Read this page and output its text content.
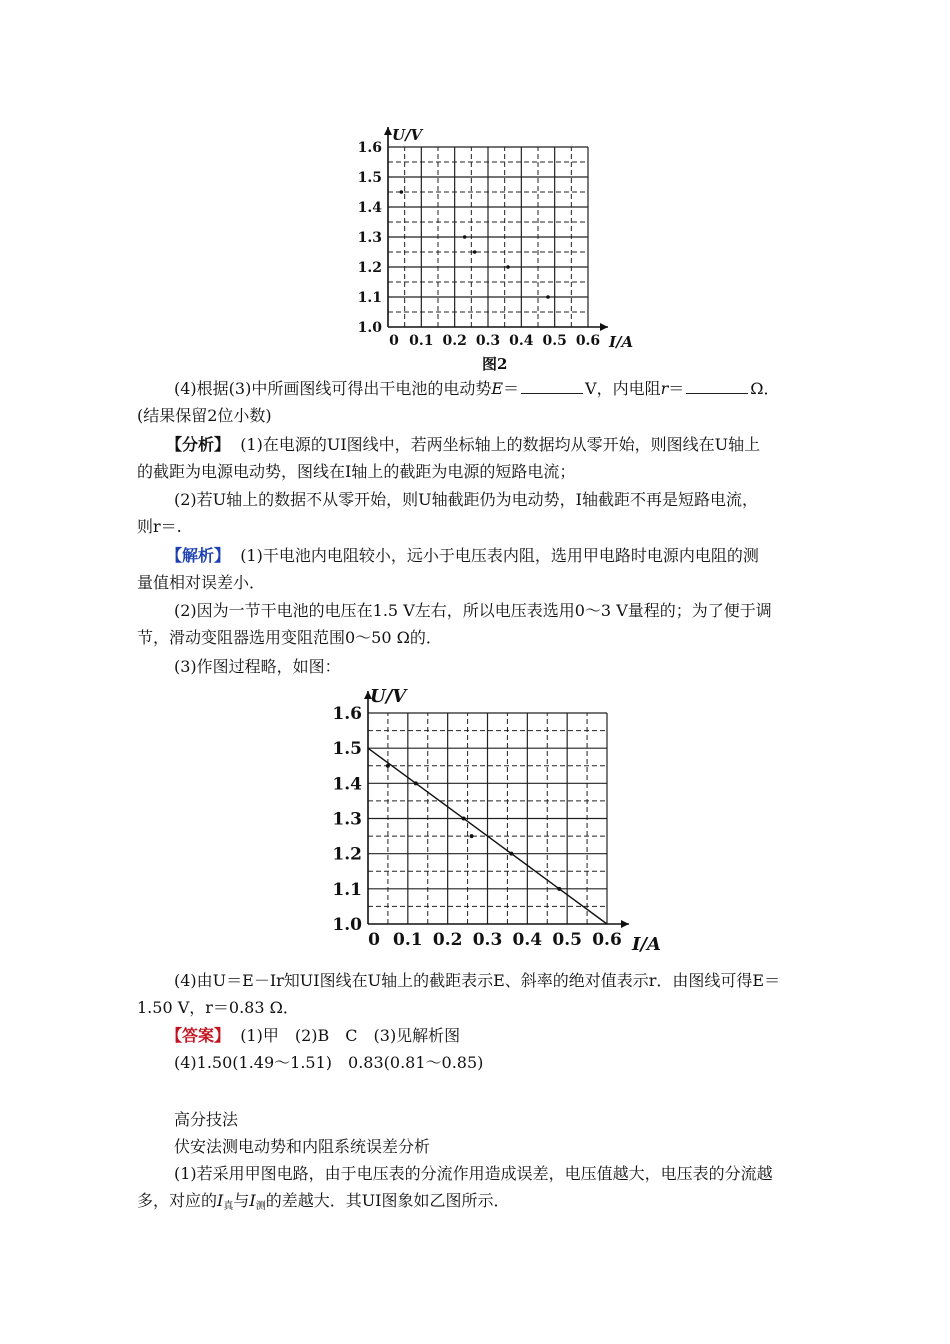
1.0
1.1
1.2
1.3
1.4
1.5
1.6
0 0.1 0.2 0.3 0.4 0.5 0.6
U/V
I/A
图2
(4)根据(3)中所画图线可得出干电池的电动势E＝	V，内电阻r＝	Ω．
(结果保留2位小数)
【分析】 (1)在电源的UI图线中，若两坐标轴上的数据均从零开始，则图线在U轴上
的截距为电源电动势，图线在I轴上的截距为电源的短路电流；
(2)若U轴上的数据不从零开始，则U轴截距仍为电动势，I轴截距不再是短路电流，
则r＝.
【解析】 (1)干电池内电阻较小，远小于电压表内阻，选用甲电路时电源内电阻的测
量值相对误差小．
(2)因为一节干电池的电压在1.5 V左右，所以电压表选用0～3 V量程的；为了便于调
节，滑动变阻器选用变阻范围0～50 Ω的．
(3)作图过程略，如图：
1.0
1.1
1.2
1.3
1.4
1.5
1.6
0 0.1 0.2 0.3 0.4 0.5 0.6
U/V
I/A
(4)由U＝E－Ir知UI图线在U轴上的截距表示E、斜率的绝对值表示r．由图线可得E＝
1.50 V，r＝0.83 Ω．
【答案】 (1)甲　(2)B　C　(3)见解析图
(4)1.50(1.49～1.51)　0.83(0.81～0.85)
高分技法
伏安法测电动势和内阻系统误差分析
(1)若采用甲图电路，由于电压表的分流作用造成误差，电压值越大，电压表的分流越
多，对应的$I_真$与$I_测$的差越大．其UI图象如乙图所示．
